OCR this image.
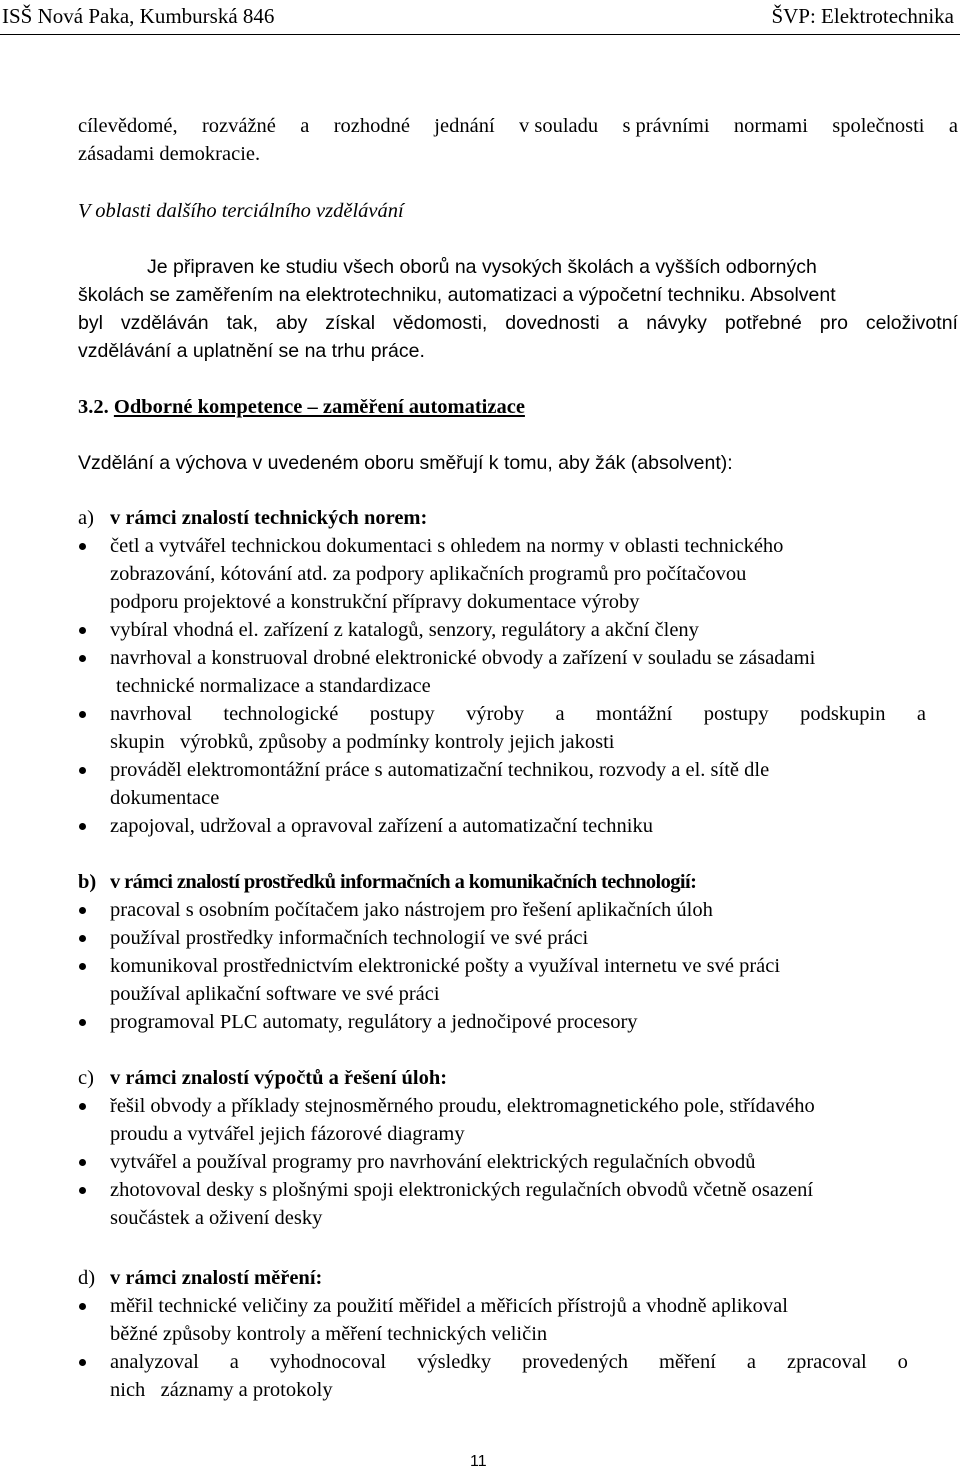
ISŠ Nová Paka, Kumburská 846	ŠVP: Elektrotechnika
cílevědomé, rozvážné a rozhodné jednání v souladu s právními normami společnosti a
zásadami demokracie.
V oblasti dalšího terciálního vzdělávání
Je připraven ke studiu všech oborů na vysokých školách a vyšších odborných
školách se zaměřením na elektrotechniku, automatizaci a výpočetní techniku. Absolvent
byl vzděláván tak, aby získal vědomosti, dovednosti a návyky potřebné pro celoživotní
vzdělávání a uplatnění se na trhu práce.
3.2. Odborné kompetence – zaměření automatizace
Vzdělání a výchova v uvedeném oboru směřují k tomu, aby žák (absolvent):
a) v rámci znalostí technických norem:
četl a vytvářel technickou dokumentaci s ohledem na normy v oblasti technického
zobrazování, kótování atd. za podpory aplikačních programů pro počítačovou
podporu projektové a konstrukční přípravy dokumentace výroby
vybíral vhodná el. zařízení z katalogů, senzory, regulátory a akční členy
navrhoval a konstruoval drobné elektronické obvody a zařízení v souladu se zásadami
technické normalizace a standardizace
navrhoval technologické postupy výroby a montážní postupy podskupin a
skupin   výrobků, způsoby a podmínky kontroly jejich jakosti
prováděl elektromontážní práce s automatizační technikou, rozvody a el. sítě dle
dokumentace
zapojoval, udržoval a opravoval zařízení a automatizační techniku
b) v rámci znalostí prostředků informačních a komunikačních technologií:
pracoval s osobním počítačem jako nástrojem pro řešení aplikačních úloh
používal prostředky informačních technologií ve své práci
komunikoval prostřednictvím elektronické pošty a využíval internetu ve své práci
používal aplikační software ve své práci
programoval PLC automaty, regulátory a jednočipové procesory
c) v rámci znalostí výpočtů a řešení úloh:
řešil obvody a příklady stejnosměrného proudu, elektromagnetického pole, střídavého
proudu a vytvářel jejich fázorové diagramy
vytvářel a používal programy pro navrhování elektrických regulačních obvodů
zhotovoval desky s plošnými spoji elektronických regulačních obvodů včetně osazení
součástek a oživení desky
d) v rámci znalostí měření:
měřil technické veličiny za použití měřidel a měřicích přístrojů a vhodně aplikoval
běžné způsoby kontroly a měření technických veličin
analyzoval a vyhodnocoval výsledky provedených měření a zpracoval o
nich   záznamy a protokoly
11
